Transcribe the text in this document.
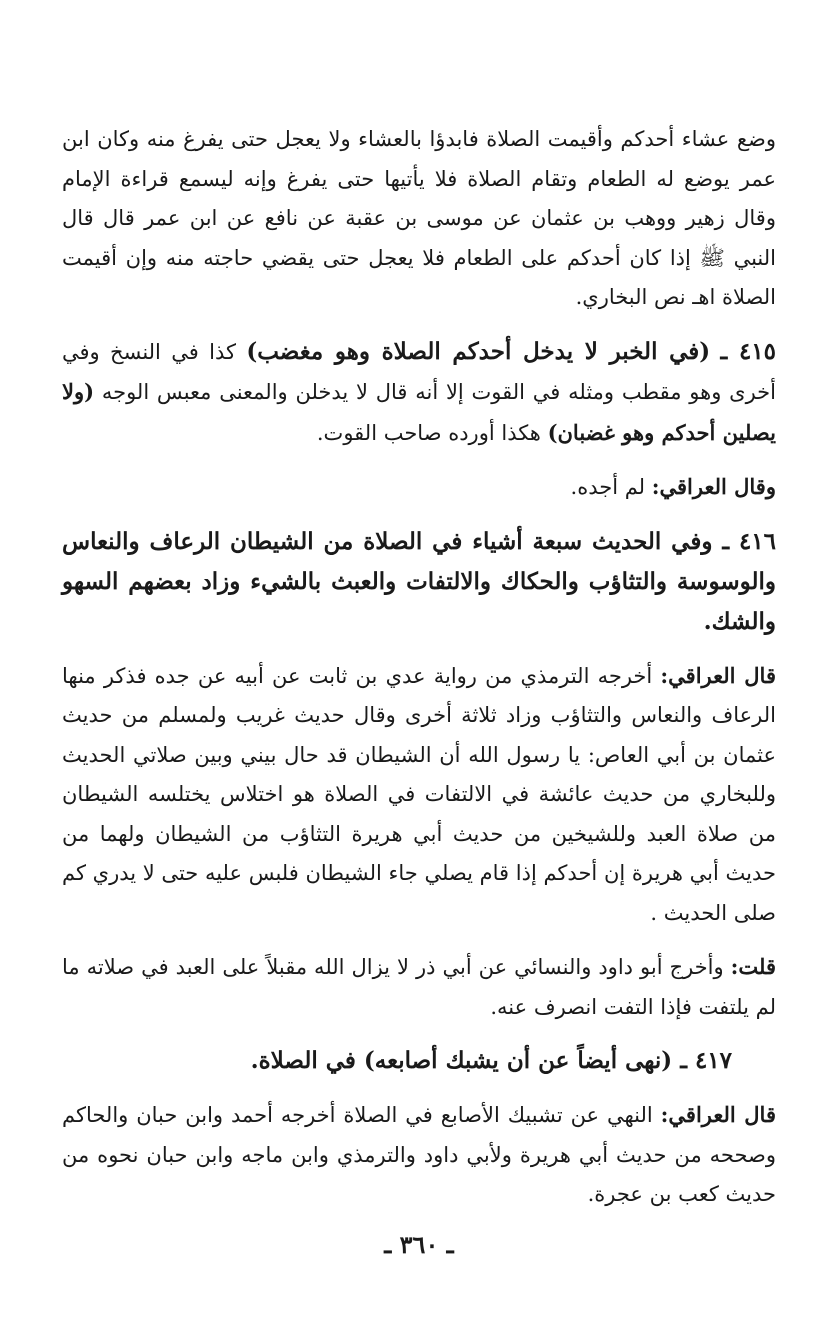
وضع عشاء أحدكم وأقيمت الصلاة فابدؤا بالعشاء ولا يعجل حتى يفرغ منه وكان ابن عمر يوضع له الطعام وتقام الصلاة فلا يأتيها حتى يفرغ وإنه ليسمع قراءة الإمام وقال زهير ووهب بن عثمان عن موسى بن عقبة عن نافع عن ابن عمر قال قال النبي ﷺ إذا كان أحدكم على الطعام فلا يعجل حتى يقضي حاجته منه وإن أقيمت الصلاة اهـ نص البخاري.

٤١٥ ـ (في الخبر لا يدخل أحدكم الصلاة وهو مغضب) كذا في النسخ وفي أخرى وهو مقطب ومثله في القوت إلا أنه قال لا يدخلن والمعنى معبس الوجه (ولا يصلين أحدكم وهو غضبان) هكذا أورده صاحب القوت.

وقال العراقي: لم أجده.

٤١٦ ـ وفي الحديث سبعة أشياء في الصلاة من الشيطان الرعاف والنعاس والوسوسة والتثاؤب والحكاك والالتفات والعبث بالشيء وزاد بعضهم السهو والشك.

قال العراقي: أخرجه الترمذي من رواية عدي بن ثابت عن أبيه عن جده فذكر منها الرعاف والنعاس والتثاؤب وزاد ثلاثة أخرى وقال حديث غريب ولمسلم من حديث عثمان بن أبي العاص: يا رسول الله أن الشيطان قد حال بيني وبين صلاتي الحديث وللبخاري من حديث عائشة في الالتفات في الصلاة هو اختلاس يختلسه الشيطان من صلاة العبد وللشيخين من حديث أبي هريرة التثاؤب من الشيطان ولهما من حديث أبي هريرة إن أحدكم إذا قام يصلي جاء الشيطان فلبس عليه حتى لا يدري كم صلى الحديث .

قلت: وأخرج أبو داود والنسائي عن أبي ذر لا يزال الله مقبلاً على العبد في صلاته ما لم يلتفت فإذا التفت انصرف عنه.

٤١٧ ـ (نهى أيضاً عن أن يشبك أصابعه) في الصلاة.

قال العراقي: النهي عن تشبيك الأصابع في الصلاة أخرجه أحمد وابن حبان والحاكم وصححه من حديث أبي هريرة ولأبي داود والترمذي وابن ماجه وابن حبان نحوه من حديث كعب بن عجرة.

ـ ٣٦٠ ـ
